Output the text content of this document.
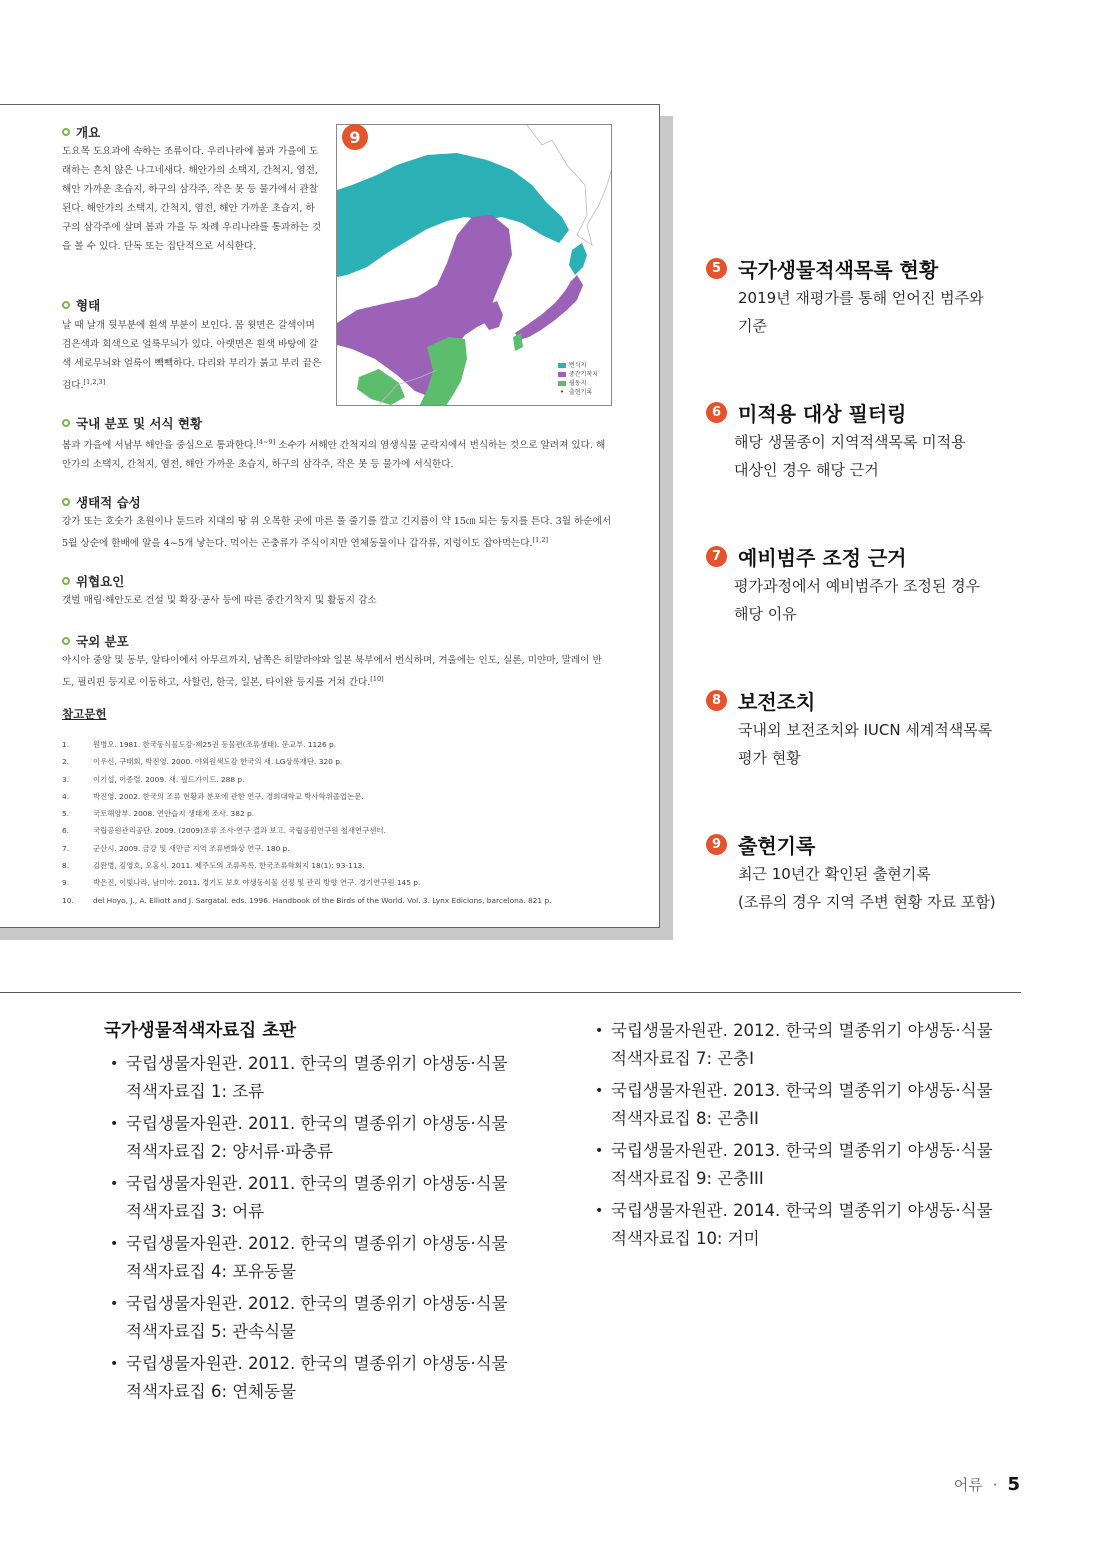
개요

도요목 도요과에 속하는 조류이다. 우리나라에 봄과 가을에 도래하는 흔치 않은 나그네새다. 해안가의 소택지, 간척지, 염전, 해안 가까운 초습지, 하구의 삼각주, 작은 못 등 물가에서 관찰된다. 해안가의 소택지, 간척지, 염전, 해안 가까운 초습지, 하구의 삼각주에 살며 봄과 가을 두 차례 우리나라를 통과하는 것을 볼 수 있다. 단독 또는 집단적으로 서식한다.

형태

날 때 날개 뒷부분에 흰색 부분이 보인다. 몸 윗면은 갈색이며 검은색과 회색으로 얼룩무늬가 있다. 아랫면은 흰색 바탕에 갈색 세로무늬와 얼룩이 빽빽하다. 다리와 부리가 붉고 부리 끝은 검다.[1,2,3]

번식지
중간기착지
월동지
• 출현기록
9
국내 분포 및 서식 현황

봄과 가을에 서남부 해안을 중심으로 통과한다.[4~9] 소수가 서해안 간척지의 염생식물 군락지에서 번식하는 것으로 알려져 있다. 해안가의 소택지, 간척지, 염전, 해안 가까운 초습지, 하구의 삼각주, 작은 못 등 물가에 서식한다.

생태적 습성

강가 또는 호숫가 초원이나 툰드라 지대의 땅 위 오목한 곳에 마른 풀 줄기를 깔고 긴지름이 약 15㎝ 되는 둥지를 튼다. 3월 하순에서 5월 상순에 한배에 알을 4~5개 낳는다. 먹이는 곤충류가 주식이지만 연체동물이나 갑각류, 지렁이도 잡아먹는다.[1,2]

위협요인

갯벌 매립·해안도로 건설 및 확장·공사 등에 따른 중간기착지 및 활동지 감소

국외 분포

아시아 중앙 및 동부, 알타이에서 아무르까지, 남쪽은 히말라야와 일본 북부에서 번식하며, 겨울에는 인도, 실론, 미얀마, 말레이 반도, 필리핀 등지로 이동하고, 사할린, 한국, 일본, 타이완 등지를 거쳐 간다.[10]

참고문헌
1.	원병오. 1981. 한국동식물도감-제25권 동물편(조류생태). 문교부. 1126 p.
2.	이우신, 구태회, 박진영. 2000. 야외원색도감 한국의 새. LG상록재단. 320 p.
3.	이기섭, 이종렬. 2009. 새. 필드가이드. 288 p.
4.	박진영. 2002. 한국의 조류 현황과 분포에 관한 연구. 경희대학교 박사학위졸업논문.
5.	국토해양부. 2008. 연안습지 생태계 조사. 382 p.
6.	국립공원관리공단. 2009. (2009)조류 조사·연구 결과 보고. 국립공원연구원 철새연구센터.
7.	군산시. 2009. 금강 및 새만금 지역 조류변화상 연구. 180 p.
8.	김완병, 김영호, 오홍식. 2011. 제주도의 조류목록. 한국조류학회지 18(1): 93-113.
9.	박은진, 이빛나라, 남미아. 2011. 경기도 보호 야생동식물 선정 및 관리 방향 연구. 경기연구원 145 p.
10.	del Hoyo, J., A. Elliott and J. Sargatal. eds. 1996. Handbook of the Birds of the World. Vol. 3. Lynx Edicions, barcelona. 821 p.
5 국가생물적색목록 현황
2019년 재평가를 통해 얻어진 범주와
기준
6 미적용 대상 필터링
해당 생물종이 지역적색목록 미적용
대상인 경우 해당 근거
7 예비범주 조정 근거
평가과정에서 예비범주가 조정된 경우
해당 이유
8 보전조치
국내외 보전조치와 IUCN 세계적색목록
평가 현황
9 출현기록
최근 10년간 확인된 출현기록
(조류의 경우 지역 주변 현황 자료 포함)
국가생물적색자료집 초판
• 국립생물자원관. 2011. 한국의 멸종위기 야생동·식물
적색자료집 1: 조류
• 국립생물자원관. 2011. 한국의 멸종위기 야생동·식물
적색자료집 2: 양서류·파충류
• 국립생물자원관. 2011. 한국의 멸종위기 야생동·식물
적색자료집 3: 어류
• 국립생물자원관. 2012. 한국의 멸종위기 야생동·식물
적색자료집 4: 포유동물
• 국립생물자원관. 2012. 한국의 멸종위기 야생동·식물
적색자료집 5: 관속식물
• 국립생물자원관. 2012. 한국의 멸종위기 야생동·식물
적색자료집 6: 연체동물
• 국립생물자원관. 2012. 한국의 멸종위기 야생동·식물
적색자료집 7: 곤충I
• 국립생물자원관. 2013. 한국의 멸종위기 야생동·식물
적색자료집 8: 곤충II
• 국립생물자원관. 2013. 한국의 멸종위기 야생동·식물
적색자료집 9: 곤충III
• 국립생물자원관. 2014. 한국의 멸종위기 야생동·식물
적색자료집 10: 거미
어류 · 5
